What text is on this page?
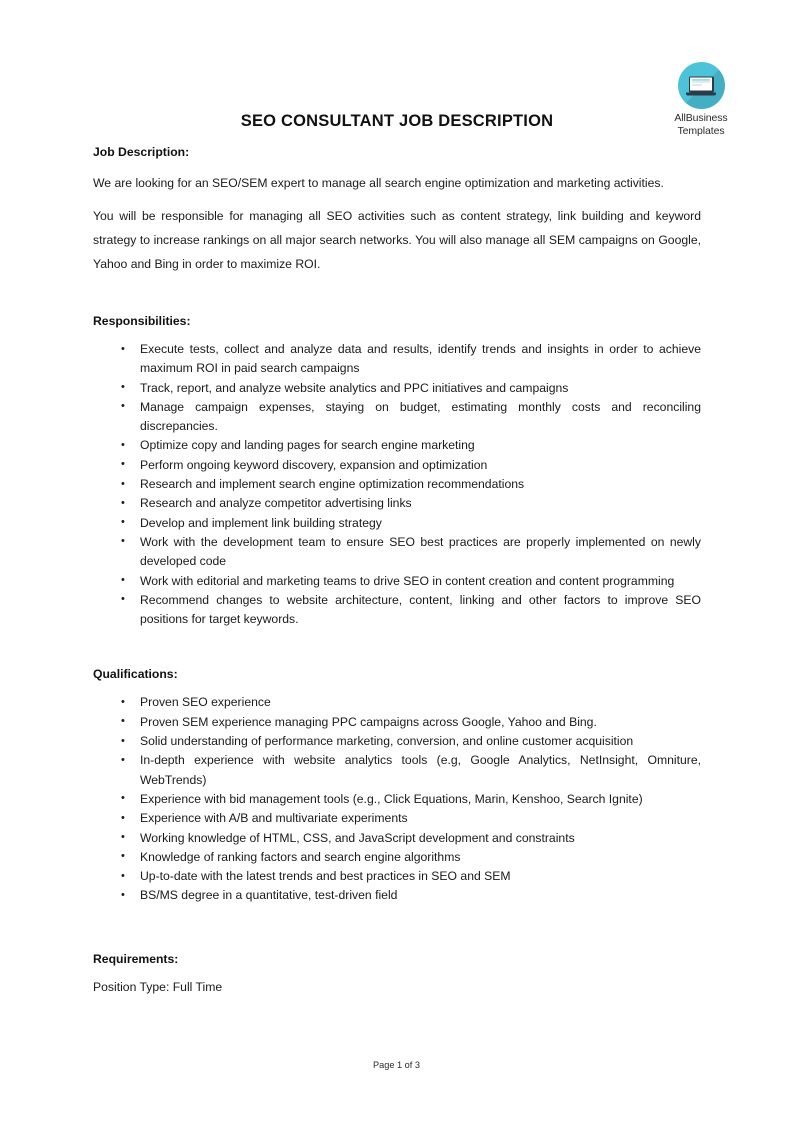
AllBusiness
Templates
SEO CONSULTANT JOB DESCRIPTION
Job Description:
We are looking for an SEO/SEM expert to manage all search engine optimization and marketing activities.
You will be responsible for managing all SEO activities such as content strategy, link building and keyword strategy to increase rankings on all major search networks. You will also manage all SEM campaigns on Google, Yahoo and Bing in order to maximize ROI.
Responsibilities:
• Execute tests, collect and analyze data and results, identify trends and insights in order to achieve maximum ROI in paid search campaigns
• Track, report, and analyze website analytics and PPC initiatives and campaigns
• Manage campaign expenses, staying on budget, estimating monthly costs and reconciling discrepancies.
• Optimize copy and landing pages for search engine marketing
• Perform ongoing keyword discovery, expansion and optimization
• Research and implement search engine optimization recommendations
• Research and analyze competitor advertising links
• Develop and implement link building strategy
• Work with the development team to ensure SEO best practices are properly implemented on newly developed code
• Work with editorial and marketing teams to drive SEO in content creation and content programming
• Recommend changes to website architecture, content, linking and other factors to improve SEO positions for target keywords.
Qualifications:
• Proven SEO experience
• Proven SEM experience managing PPC campaigns across Google, Yahoo and Bing.
• Solid understanding of performance marketing, conversion, and online customer acquisition
• In-depth experience with website analytics tools (e.g, Google Analytics, NetInsight, Omniture, WebTrends)
• Experience with bid management tools (e.g., Click Equations, Marin, Kenshoo, Search Ignite)
• Experience with A/B and multivariate experiments
• Working knowledge of HTML, CSS, and JavaScript development and constraints
• Knowledge of ranking factors and search engine algorithms
• Up-to-date with the latest trends and best practices in SEO and SEM
• BS/MS degree in a quantitative, test-driven field
Requirements:
Position Type: Full Time
Page 1 of 3
